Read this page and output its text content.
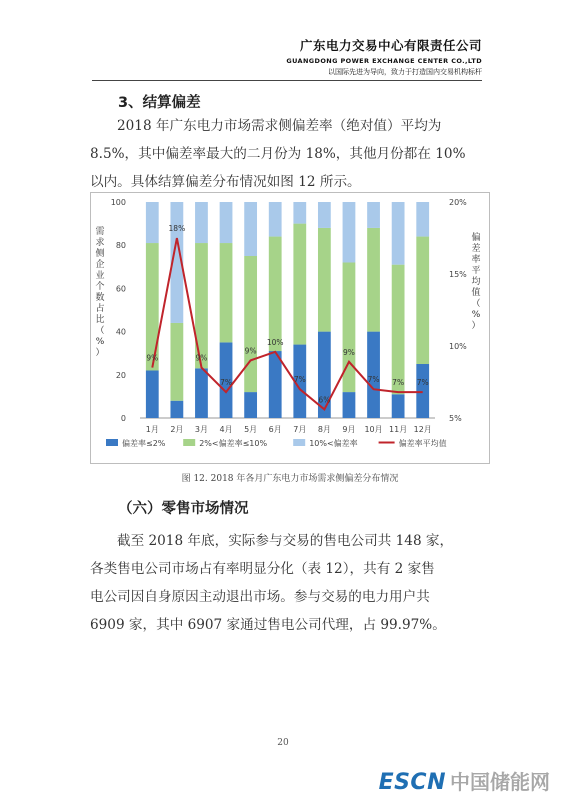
广东电力交易中心有限责任公司
GUANGDONG POWER EXCHANGE CENTER CO.,LTD
以国际先进为导向，致力于打造国内交易机构标杆
3、结算偏差
2018 年广东电力市场需求侧偏差率（绝对值）平均为
8.5%，其中偏差率最大的二月份为 18%，其他月份都在 10%
以内。具体结算偏差分布情况如图 12 所示。
9%
18%
9%
7%
9%
10%
7%
6%
9%
7% 7% 7%
1月 2月 3月 4月 5月 6月 7月 8月 9月 10月 11月 12月
0
20
40
60
80
100
5%
10%
15%
20%
需
求
侧
企
业
个
数
占
比
（
%
）
偏
差
率
平
均
值
（
%
）
偏差率≤2%	2%<偏差率≤10%	10%<偏差率	偏差率平均值
图 12. 2018 年各月广东电力市场需求侧偏差分布情况
（六）零售市场情况
截至 2018 年底，实际参与交易的售电公司共 148 家，
各类售电公司市场占有率明显分化（表 12），共有 2 家售
电公司因自身原因主动退出市场。参与交易的电力用户共
6909 家，其中 6907 家通过售电公司代理，占 99.97%。
20
ESCN 中国储能网
